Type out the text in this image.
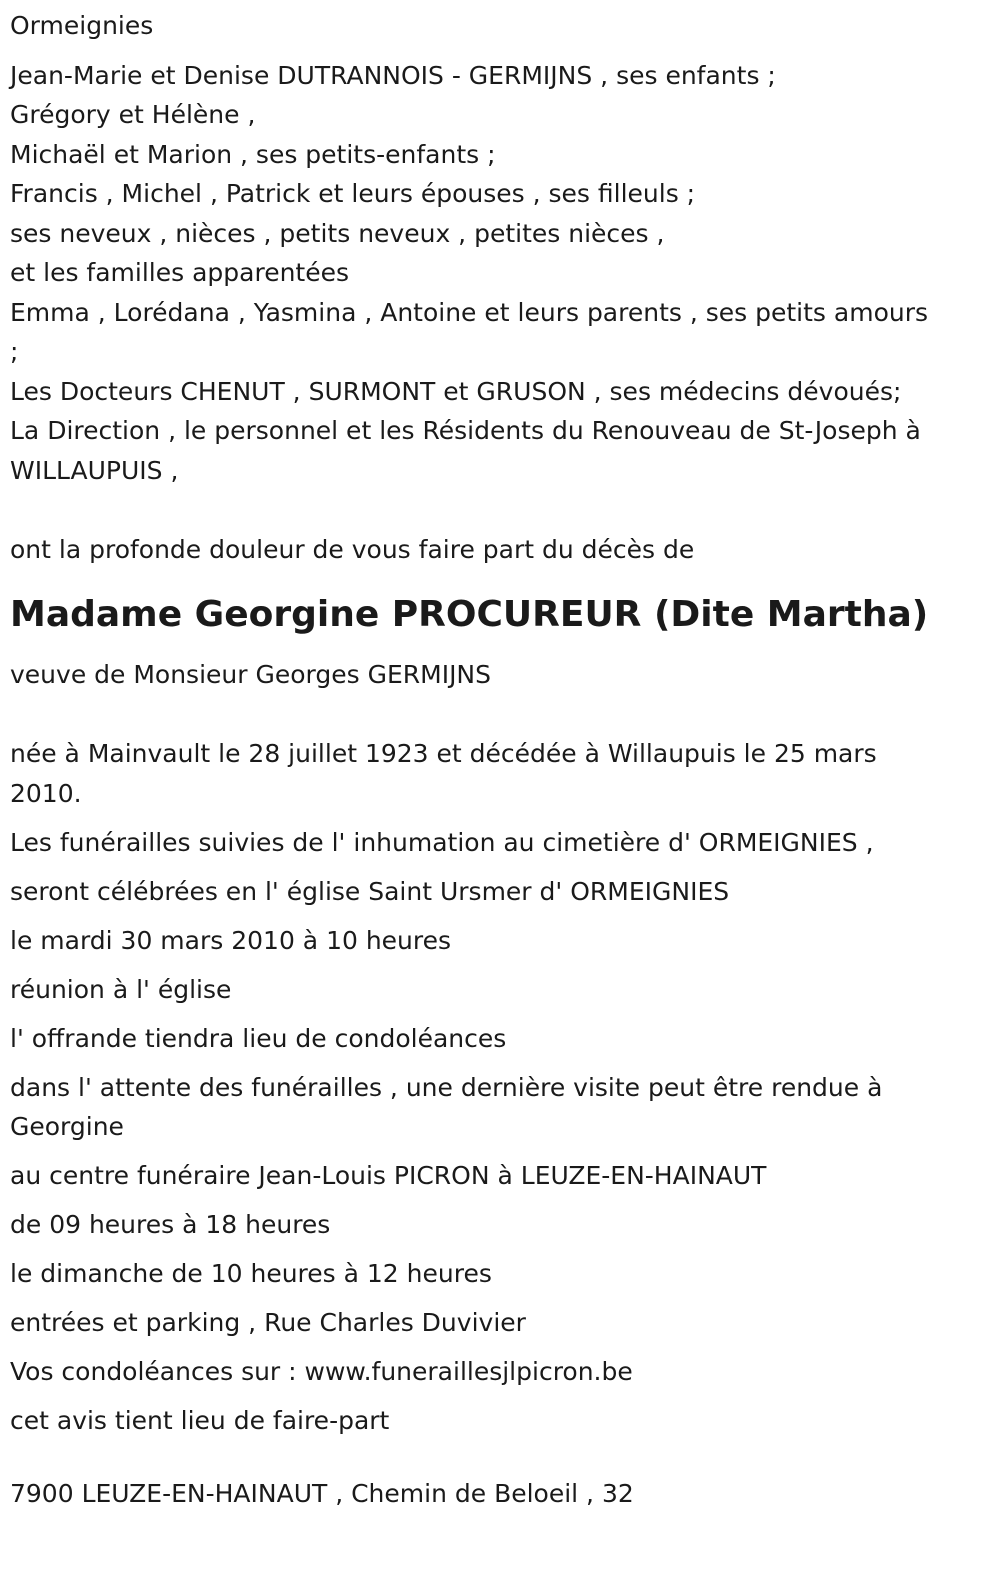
Ormeignies
Jean-Marie et Denise DUTRANNOIS - GERMIJNS , ses enfants ;
Grégory et Hélène ,
Michaël et Marion , ses petits-enfants ;
Francis , Michel , Patrick et leurs épouses , ses filleuls ;
ses neveux , nièces , petits neveux , petites nièces ,
et les familles apparentées
Emma , Lorédana , Yasmina , Antoine et leurs parents , ses petits amours
;
Les Docteurs CHENUT , SURMONT et GRUSON , ses médecins dévoués;
La Direction , le personnel et les Résidents du Renouveau de St-Joseph à
WILLAUPUIS ,
ont la profonde douleur de vous faire part du décès de
Madame Georgine PROCUREUR (Dite Martha)
veuve de Monsieur Georges GERMIJNS
née à Mainvault le 28 juillet 1923 et décédée à Willaupuis le 25 mars
2010.
Les funérailles suivies de l' inhumation au cimetière d' ORMEIGNIES ,
seront célébrées en l' église Saint Ursmer d' ORMEIGNIES
le mardi 30 mars 2010 à 10 heures
réunion à l' église
l' offrande tiendra lieu de condoléances
dans l' attente des funérailles , une dernière visite peut être rendue à
Georgine
au centre funéraire Jean-Louis PICRON à LEUZE-EN-HAINAUT
de 09 heures à 18 heures
le dimanche de 10 heures à 12 heures
entrées et parking , Rue Charles Duvivier
Vos condoléances sur : www.funeraillesjlpicron.be
cet avis tient lieu de faire-part
7900 LEUZE-EN-HAINAUT , Chemin de Beloeil , 32
